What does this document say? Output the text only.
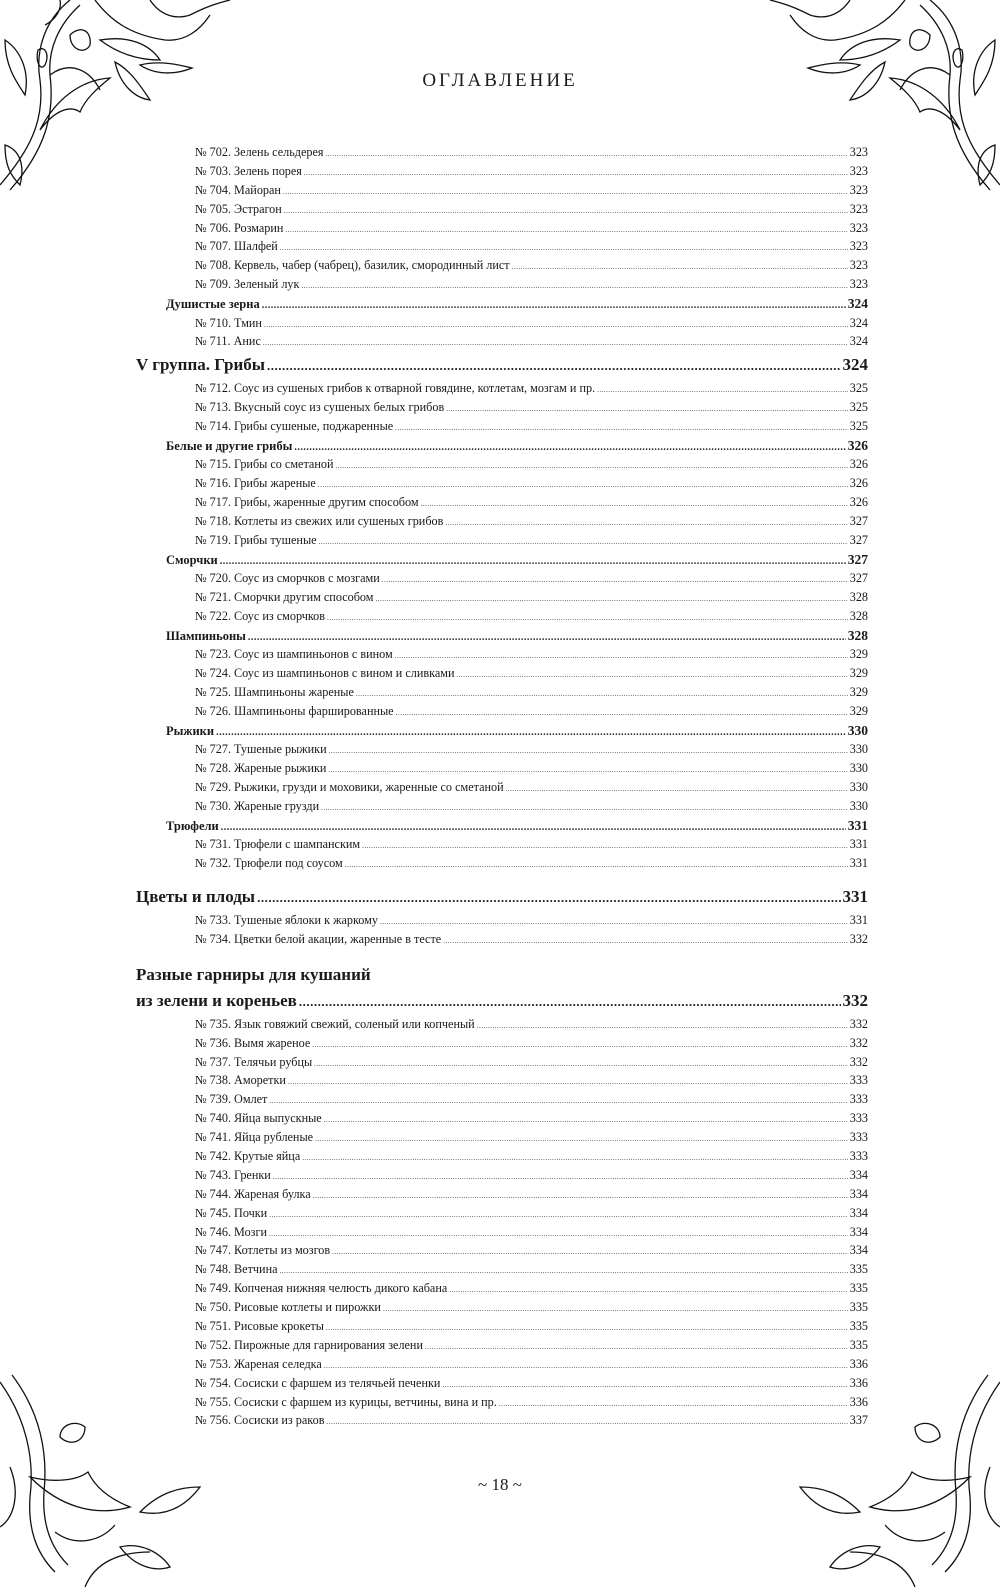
ОГЛАВЛЕНИЕ
№ 702. Зелень сельдерея .....	323
№ 703. Зелень порея .....	323
№ 704. Майоран .....	323
№ 705. Эстрагон .....	323
№ 706. Розмарин .....	323
№ 707. Шалфей .....	323
№ 708. Кервель, чабер (чабрец), базилик, смородинный лист .....	323
№ 709. Зеленый лук .....	323
Душистые зерна .....	324
№ 710. Тмин .....	324
№ 711. Анис .....	324
V группа. Грибы .....	324
№ 712. Соус из сушеных грибов к отварной говядине, котлетам, мозгам и пр. .....	325
№ 713. Вкусный соус из сушеных белых грибов .....	325
№ 714. Грибы сушеные, поджаренные .....	325
Белые и другие грибы .....	326
№ 715. Грибы со сметаной .....	326
№ 716. Грибы жареные .....	326
№ 717. Грибы, жаренные другим способом .....	326
№ 718. Котлеты из свежих или сушеных грибов .....	327
№ 719. Грибы тушеные .....	327
Сморчки .....	327
№ 720. Соус из сморчков с мозгами .....	327
№ 721. Сморчки другим способом .....	328
№ 722. Соус из сморчков .....	328
Шампиньоны .....	328
№ 723. Соус из шампиньонов с вином .....	329
№ 724. Соус из шампиньонов с вином и сливками .....	329
№ 725. Шампиньоны жареные .....	329
№ 726. Шампиньоны фаршированные .....	329
Рыжики .....	330
№ 727. Тушеные рыжики .....	330
№ 728. Жареные рыжики .....	330
№ 729. Рыжики, грузди и моховики, жаренные со сметаной .....	330
№ 730. Жареные грузди .....	330
Трюфели .....	331
№ 731. Трюфели с шампанским .....	331
№ 732. Трюфели под соусом .....	331
Цветы и плоды .....	331
№ 733. Тушеные яблоки к жаркому .....	331
№ 734. Цветки белой акации, жаренные в тесте .....	332
Разные гарниры для кушаний
из зелени и кореньев .....	332
№ 735. Язык говяжий свежий, соленый или копченый .....	332
№ 736. Вымя жареное .....	332
№ 737. Телячьи рубцы .....	332
№ 738. Аморетки .....	333
№ 739. Омлет .....	333
№ 740. Яйца выпускные .....	333
№ 741. Яйца рубленые .....	333
№ 742. Крутые яйца .....	333
№ 743. Гренки .....	334
№ 744. Жареная булка .....	334
№ 745. Почки .....	334
№ 746. Мозги .....	334
№ 747. Котлеты из мозгов .....	334
№ 748. Ветчина .....	335
№ 749. Копченая нижняя челюсть дикого кабана .....	335
№ 750. Рисовые котлеты и пирожки .....	335
№ 751. Рисовые крокеты .....	335
№ 752. Пирожные для гарнирования зелени .....	335
№ 753. Жареная селедка .....	336
№ 754. Сосиски с фаршем из телячьей печенки .....	336
№ 755. Сосиски с фаршем из курицы, ветчины, вина и пр. .....	336
№ 756. Сосиски из раков .....	337
~ 18 ~
